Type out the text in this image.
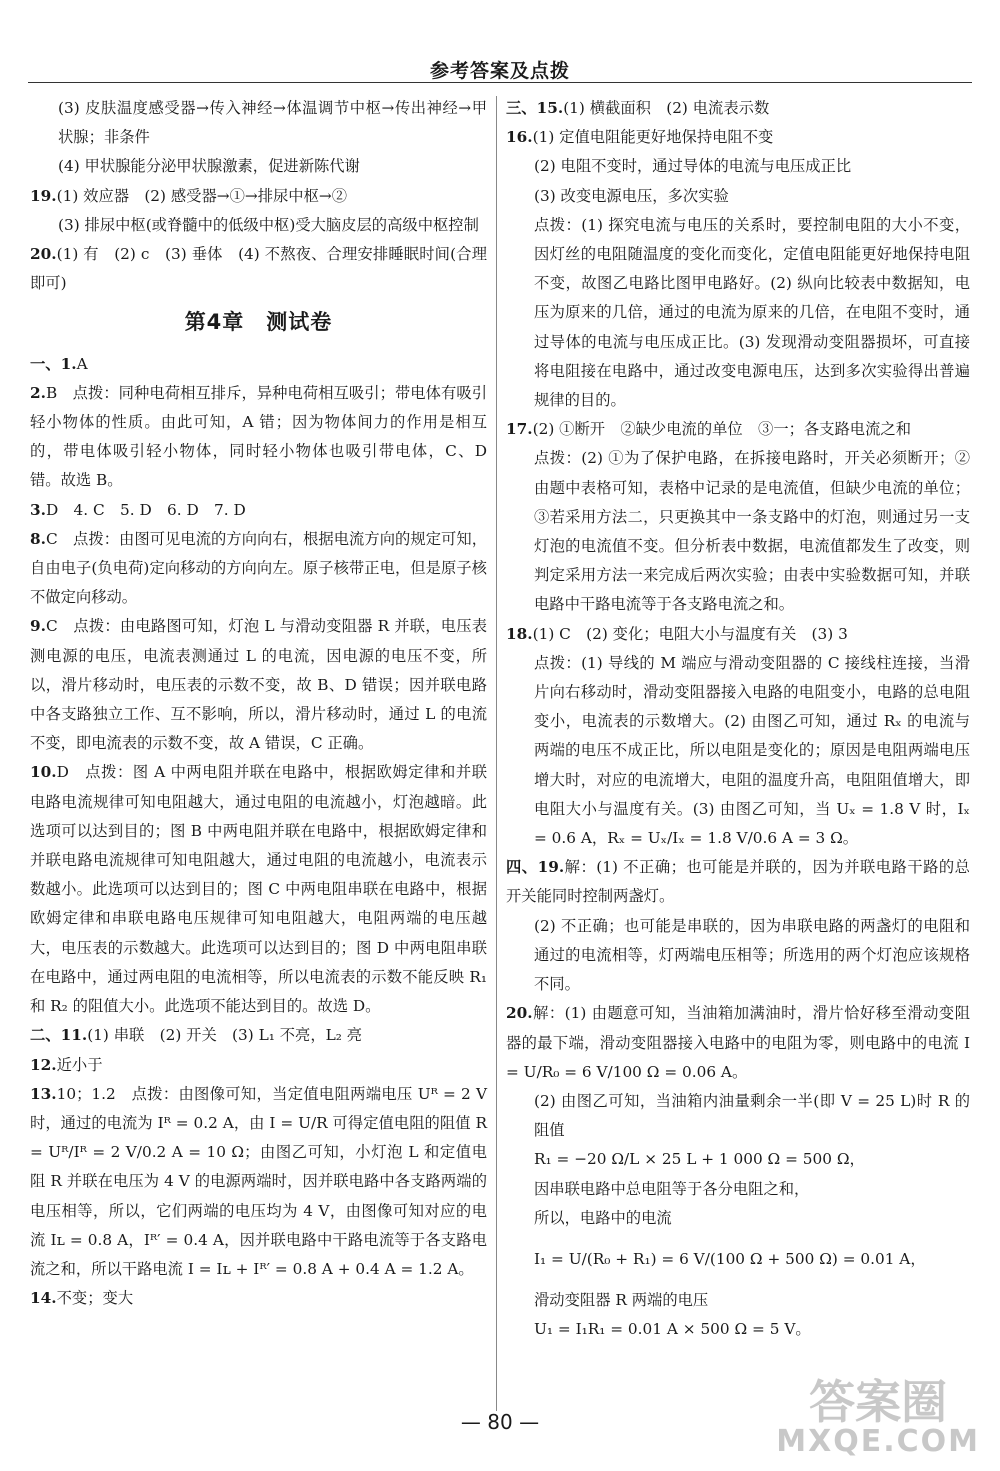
参考答案及点拨
(3) 皮肤温度感受器→传入神经→体温调节中枢→传出神经→甲状腺；非条件
(4) 甲状腺能分泌甲状腺激素，促进新陈代谢
19.(1) 效应器　(2) 感受器→①→排尿中枢→②
(3) 排尿中枢(或脊髓中的低级中枢)受大脑皮层的高级中枢控制
20.(1) 有　(2) c　(3) 垂体　(4) 不熬夜、合理安排睡眠时间(合理即可)
第4章　测试卷
一、1.A
2.B　点拨：同种电荷相互排斥，异种电荷相互吸引；带电体有吸引轻小物体的性质。由此可知，A 错；因为物体间力的作用是相互的，带电体吸引轻小物体，同时轻小物体也吸引带电体，C、D 错。故选 B。
3.D　4. C　5. D　6. D　7. D
8.C　点拨：由图可见电流的方向向右，根据电流方向的规定可知，自由电子(负电荷)定向移动的方向向左。原子核带正电，但是原子核不做定向移动。
9.C　点拨：由电路图可知，灯泡 L 与滑动变阻器 R 并联，电压表测电源的电压，电流表测通过 L 的电流，因电源的电压不变，所以，滑片移动时，电压表的示数不变，故 B、D 错误；因并联电路中各支路独立工作、互不影响，所以，滑片移动时，通过 L 的电流不变，即电流表的示数不变，故 A 错误，C 正确。
10.D　点拨：图 A 中两电阻并联在电路中，根据欧姆定律和并联电路电流规律可知电阻越大，通过电阻的电流越小，灯泡越暗。此选项可以达到目的；图 B 中两电阻并联在电路中，根据欧姆定律和并联电路电流规律可知电阻越大，通过电阻的电流越小，电流表示数越小。此选项可以达到目的；图 C 中两电阻串联在电路中，根据欧姆定律和串联电路电压规律可知电阻越大，电阻两端的电压越大，电压表的示数越大。此选项可以达到目的；图 D 中两电阻串联在电路中，通过两电阻的电流相等，所以电流表的示数不能反映 R₁ 和 R₂ 的阻值大小。此选项不能达到目的。故选 D。
二、11.(1) 串联　(2) 开关　(3) L₁ 不亮，L₂ 亮
12.近小于
13.10；1.2　点拨：由图像可知，当定值电阻两端电压 Uᴿ = 2 V 时，通过的电流为 Iᴿ = 0.2 A，由 I = U/R 可得定值电阻的阻值 R = Uᴿ/Iᴿ = 2 V/0.2 A = 10 Ω；由图乙可知，小灯泡 L 和定值电阻 R 并联在电压为 4 V 的电源两端时，因并联电路中各支路两端的电压相等，所以，它们两端的电压均为 4 V，由图像可知对应的电流 Iʟ = 0.8 A，Iᴿ′ = 0.4 A，因并联电路中干路电流等于各支路电流之和，所以干路电流 I = Iʟ + Iᴿ′ = 0.8 A + 0.4 A = 1.2 A。
14.不变；变大
三、15.(1) 横截面积　(2) 电流表示数
16.(1) 定值电阻能更好地保持电阻不变
(2) 电阻不变时，通过导体的电流与电压成正比
(3) 改变电源电压，多次实验
点拨：(1) 探究电流与电压的关系时，要控制电阻的大小不变，因灯丝的电阻随温度的变化而变化，定值电阻能更好地保持电阻不变，故图乙电路比图甲电路好。(2) 纵向比较表中数据知，电压为原来的几倍，通过的电流为原来的几倍，在电阻不变时，通过导体的电流与电压成正比。(3) 发现滑动变阻器损坏，可直接将电阻接在电路中，通过改变电源电压，达到多次实验得出普遍规律的目的。
17.(2) ①断开　②缺少电流的单位　③一；各支路电流之和
点拨：(2) ①为了保护电路，在拆接电路时，开关必须断开；②由题中表格可知，表格中记录的是电流值，但缺少电流的单位；③若采用方法二，只更换其中一条支路中的灯泡，则通过另一支灯泡的电流值不变。但分析表中数据，电流值都发生了改变，则判定采用方法一来完成后两次实验；由表中实验数据可知，并联电路中干路电流等于各支路电流之和。
18.(1) C　(2) 变化；电阻大小与温度有关　(3) 3
点拨：(1) 导线的 M 端应与滑动变阻器的 C 接线柱连接，当滑片向右移动时，滑动变阻器接入电路的电阻变小，电路的总电阻变小，电流表的示数增大。(2) 由图乙可知，通过 Rₓ 的电流与两端的电压不成正比，所以电阻是变化的；原因是电阻两端电压增大时，对应的电流增大，电阻的温度升高，电阻阻值增大，即电阻大小与温度有关。(3) 由图乙可知，当 Uₓ = 1.8 V 时，Iₓ = 0.6 A，Rₓ = Uₓ/Iₓ = 1.8 V/0.6 A = 3 Ω。
四、19.解：(1) 不正确；也可能是并联的，因为并联电路干路的总开关能同时控制两盏灯。
(2) 不正确；也可能是串联的，因为串联电路的两盏灯的电阻和通过的电流相等，灯两端电压相等；所选用的两个灯泡应该规格不同。
20.解：(1) 由题意可知，当油箱加满油时，滑片恰好移至滑动变阻器的最下端，滑动变阻器接入电路中的电阻为零，则电路中的电流 I = U/R₀ = 6 V/100 Ω = 0.06 A。
(2) 由图乙可知，当油箱内油量剩余一半(即 V = 25 L)时 R 的阻值
R₁ = −20 Ω/L × 25 L + 1 000 Ω = 500 Ω，
因串联电路中总电阻等于各分电阻之和，
所以，电路中的电流
I₁ = U/(R₀ + R₁) = 6 V/(100 Ω + 500 Ω) = 0.01 A，
滑动变阻器 R 两端的电压
U₁ = I₁R₁ = 0.01 A × 500 Ω = 5 V。
— 80 —	答案圈
MXQE.COM
